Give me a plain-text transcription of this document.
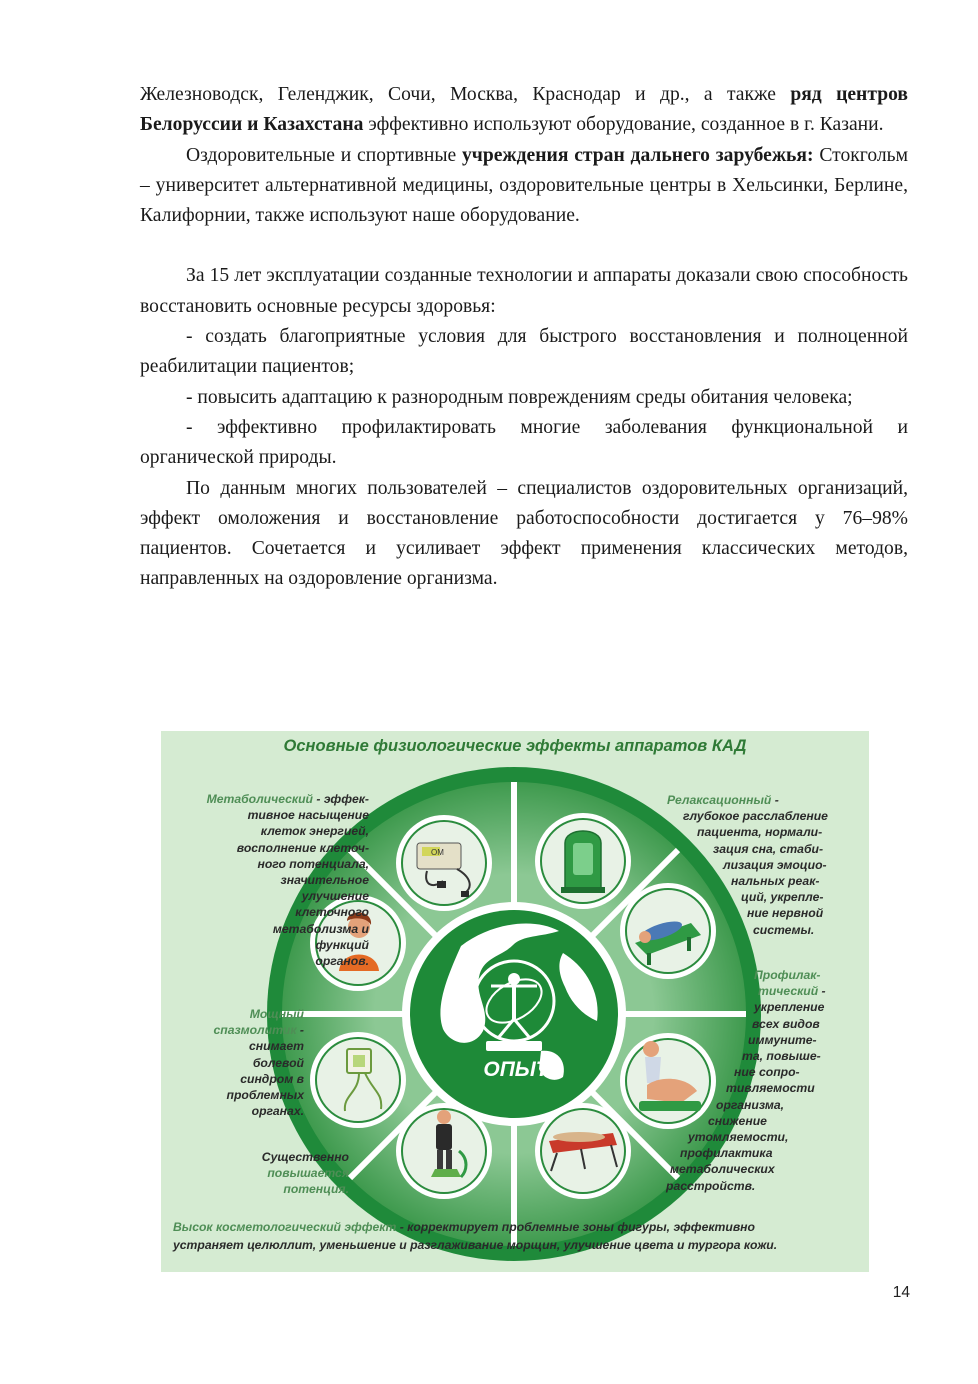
Железноводск, Геленджик, Сочи, Москва, Краснодар и др., а также ряд центров Белоруссии и Казахстана эффективно используют оборудование, созданное в г. Казани.

Оздоровительные и спортивные учреждения стран дальнего зарубежья: Стокгольм – университет альтернативной медицины, оздоровительные центры в Хельсинки, Берлине, Калифорнии, также используют наше оборудование.

За 15 лет эксплуатации созданные технологии и аппараты доказали свою способность восстановить основные ресурсы здоровья:

- создать благоприятные условия для быстрого восстановления и полноценной реабилитации пациентов;

- повысить адаптацию к разнородным повреждениям среды обитания человека;

- эффективно профилактировать многие заболевания функциональной и органической природы.

По данным многих пользователей – специалистов оздоровительных организаций, эффект омоложения и восстановление работоспособности достигается у 76–98% пациентов. Сочетается и усиливает эффект применения классических методов, направленных на оздоровление организма.

ОПЫТ
ОМ
Основные физиологические эффекты аппаратов КАД
Метаболический - эффек-
тивное насыщение
клеток энергией,
восполнение клеточ-
ного потенциала,
значительное
улучшение
клеточного
метаболизма и
функций
органов.
Мощный
спазмолитик -
снимает
болевой
синдром в
проблемных
органах.
Существенно
повышается
потенция.
Релаксационный -
глубокое расслабление
пациента, нормали-
зация сна, стаби-
лизация эмоцио-
нальных реак-
ций, укрепле-
ние нервной
системы.
Профилак-
тический -
укрепление
всех видов
иммуните-
та, повыше-
ние сопро-
тивляемости
организма,
снижение
утомляемости,
профилактика
метаболических
расстройств.
Высок косметологический эффект - корректирует проблемные зоны фигуры, эффективно
устраняет целюллит, уменьшение и разглаживание морщин, улучшение цвета и тургора кожи.
14
